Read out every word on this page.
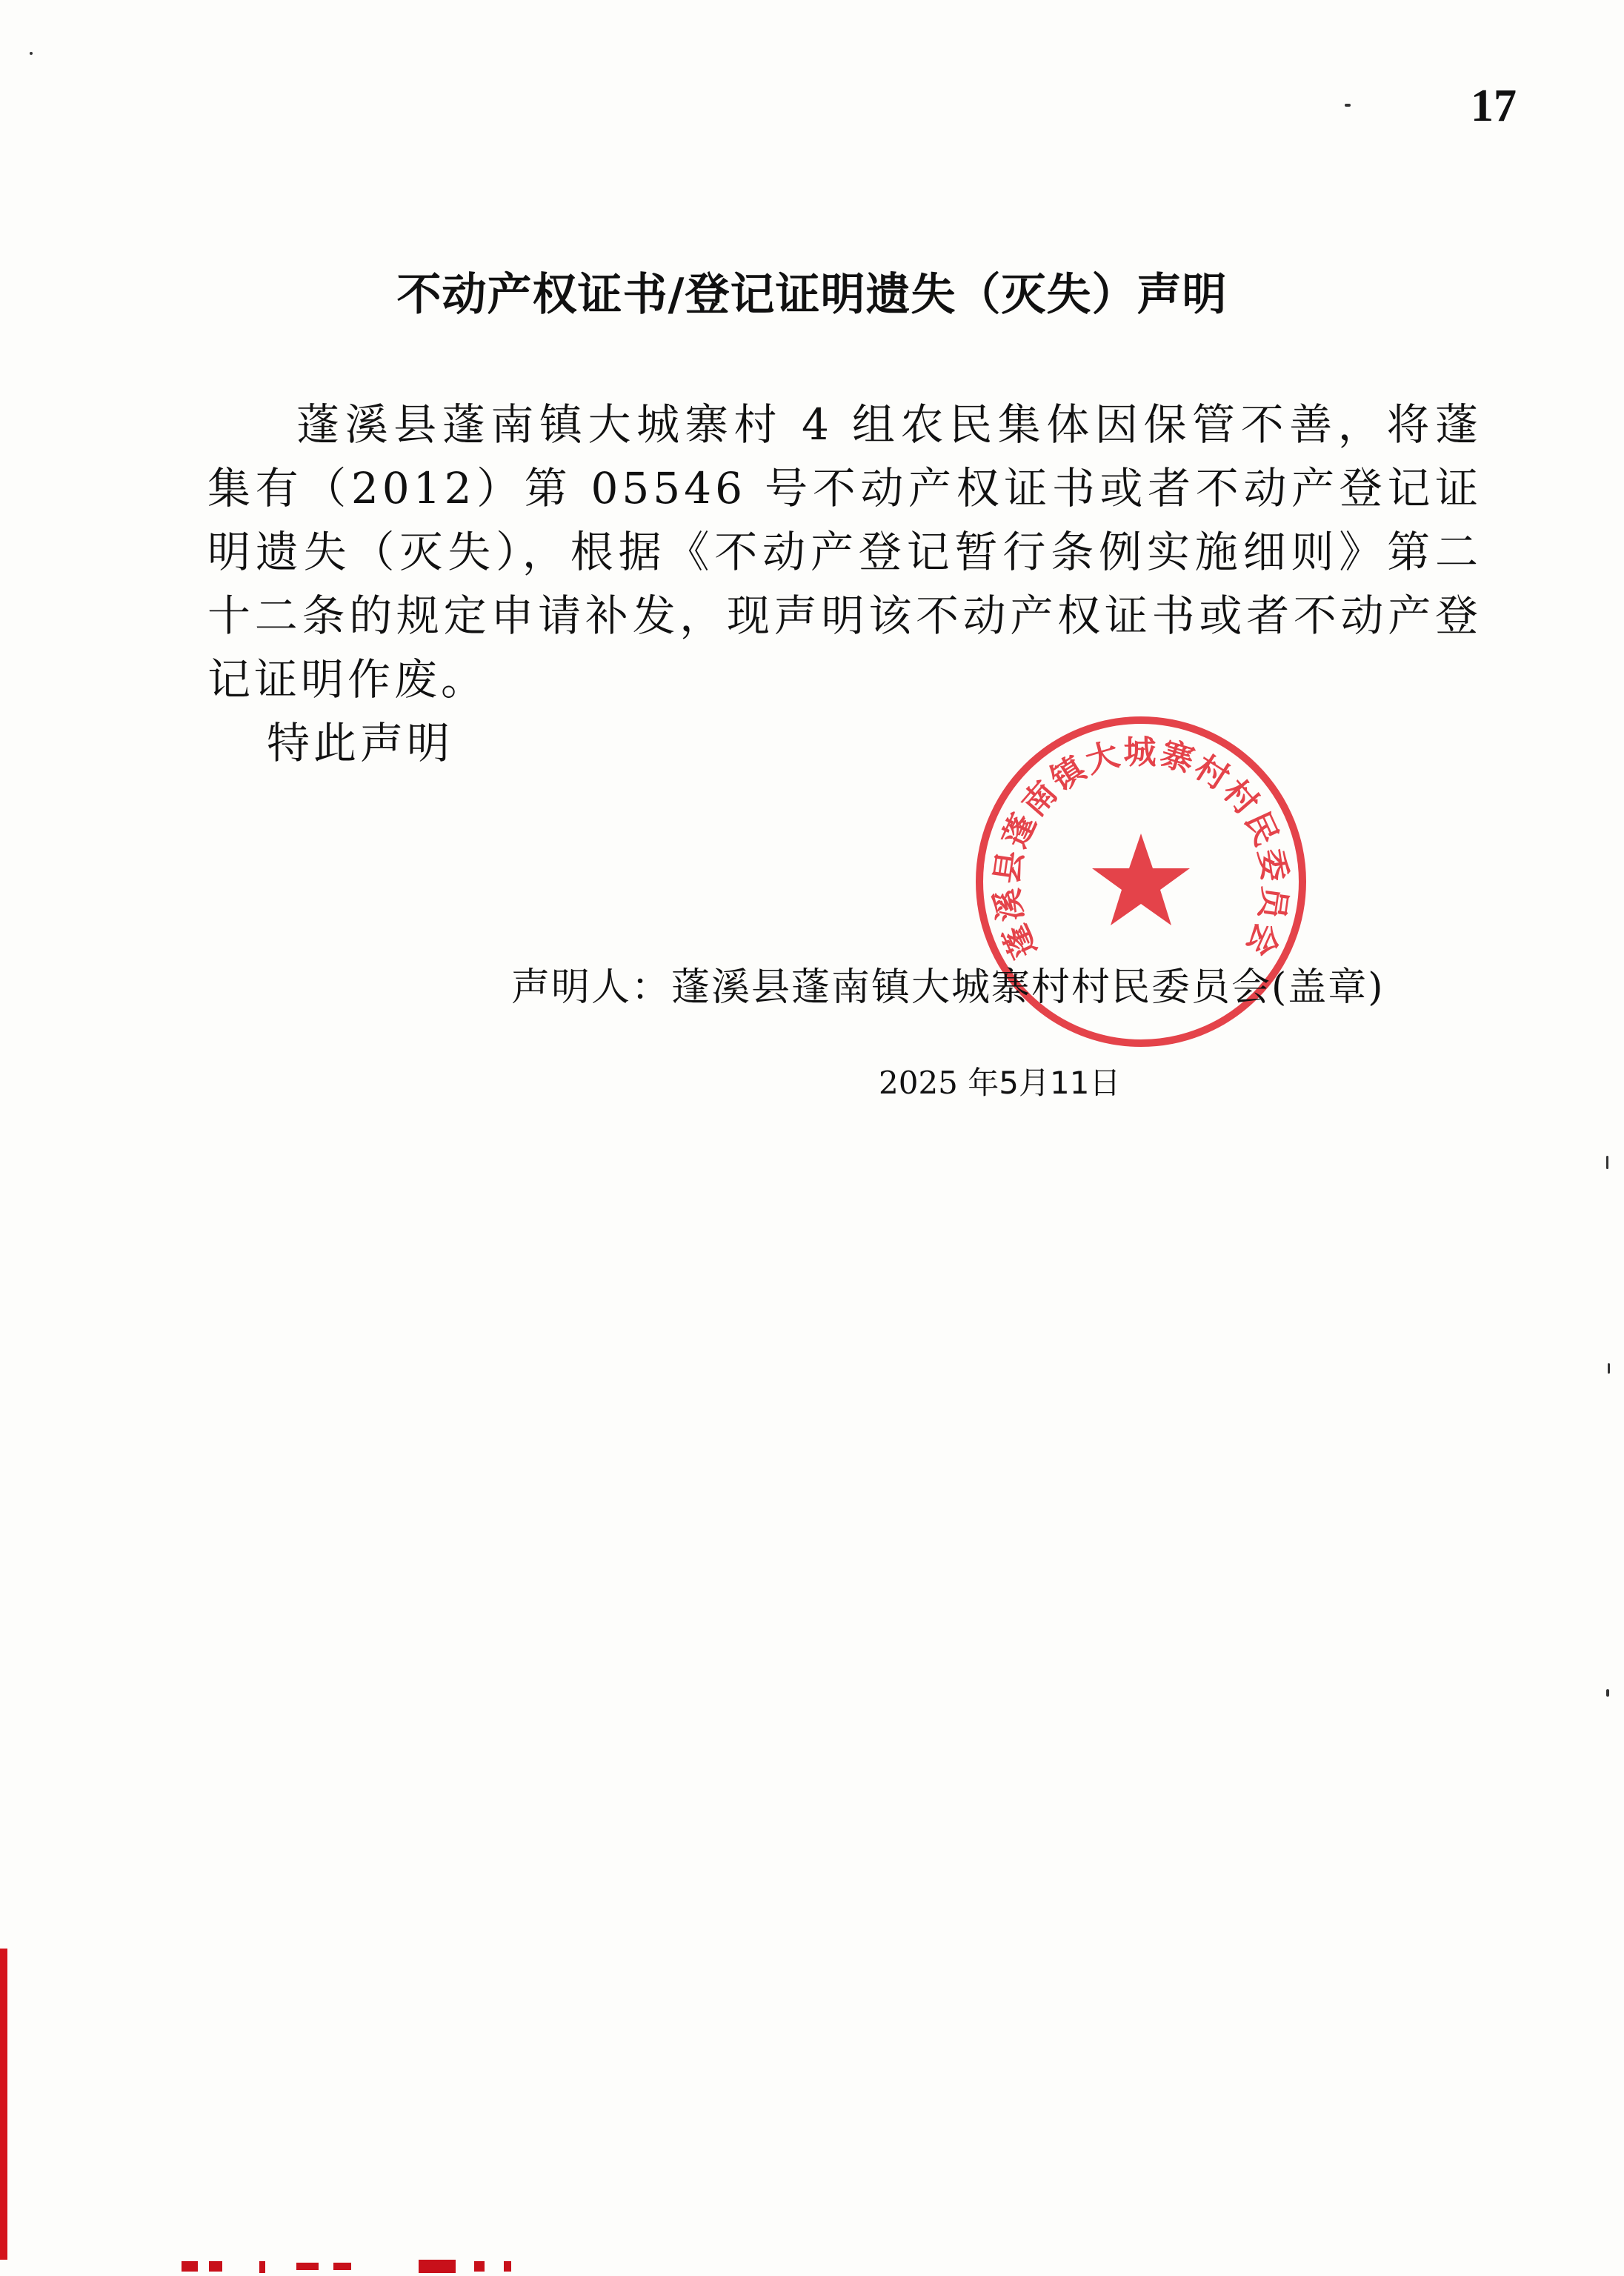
17
不动产权证书/登记证明遗失（灭失）声明

蓬溪县蓬南镇大城寨村 4 组农民集体因保管不善，将蓬集有（2012）第 05546 号不动产权证书或者不动产登记证明遗失（灭失），根据《不动产登记暂行条例实施细则》第二十二条的规定申请补发，现声明该不动产权证书或者不动产登记证明作废。

特此声明

蓬溪县蓬南镇大城寨村村民委员会
声明人：蓬溪县蓬南镇大城寨村村民委员会(盖章)
2025 年5月11日
